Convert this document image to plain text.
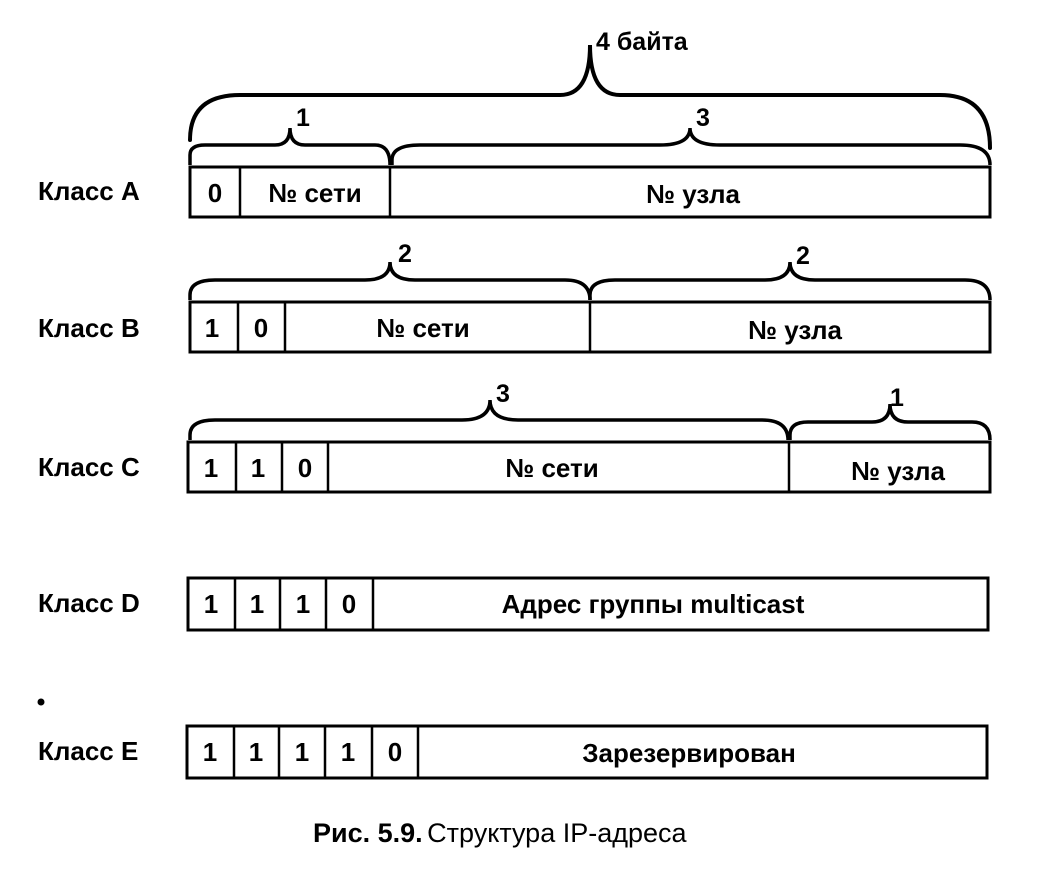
4 байта
Класс A	0 № сети	№ узла
1	3
Класс B	1 0	№ сети	№ узла
2	2
Класс C 1 1 0	№ сети	№ узла
3	1
Класс D 1 1 1 0	Адрес группы multicast
Класс E 1 1 1 1 0	Зарезервирован
Рис. 5.9. Структура IP-адреса
